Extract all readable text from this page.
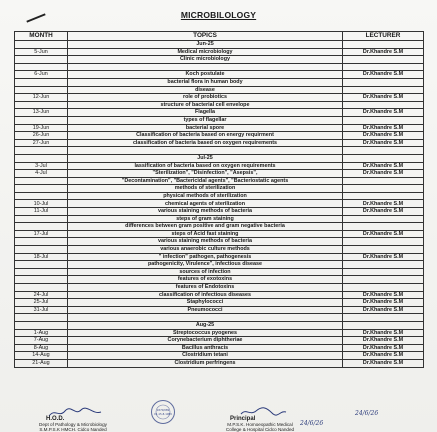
MICROBILOLOGY
MONTH	TOPICS	LECTURER
	Jun-25	
5-Jun	Medical microbiology	Dr.Khandre S.M
	Clinic microbiology	

6-Jun	Koch postulate	Dr.Khandre S.M
	bacterial flora in human body	
	disease	
12-Jun	role of probiotics	Dr.Khandre S.M
	structure of bacterial cell envelope	
13-Jun	Flagella	Dr.Khandre S.M
	types of flagellar	
19-Jun	bacterial spore	Dr.Khandre S.M
26-Jun	Classification of bacteria based on energy requirment	Dr.Khandre S.M
27-Jun	classification of bacteria based on oxygen requirements	Dr.Khandre S.M

	Jul-25	
3-Jul	lassification of bacteria based on oxygen requirements	Dr.Khandre S.M
4-Jul	"Sterilization", "Disinfection", "Asepsis",	Dr.Khandre S.M
	"Decontamination", "Bactericidal agents", "Bacteriostatic agents	
	methods of sterilization	
	physical methods of sterilization	
10-Jul	chemical agents of sterilization	Dr.Khandre S.M
11-Jul	various staining methods of bacteria	Dr.Khandre S.M
	steps of gram staining	
	differences between gram positive and gram negative bacteria	
17-Jul	steps of Acid fast staining	Dr.Khandre S.M
	various staining methods of bacteria	
	various anaerobic culture methods	
18-Jul	" infection" pathogen, pathogenesis	Dr.Khandre S.M
	pathogenicity, Virulence", infectious disease	
	sources of infection	
	features of exotoxins	
	features of Endotoxins	
24-Jul	classification of infectious diseases	Dr.Khandre S.M
25-Jul	Staphylococci	Dr.Khandre S.M
31-Jul	Pneumococci	Dr.Khandre S.M

	Aug-25	
1-Aug	Streptococcus pyogenes	Dr.Khandre S.M
7-Aug	Corynebacterium diphtheriae	Dr.Khandre S.M
8-Aug	Bacillus anthracis	Dr.Khandre S.M
14-Aug	Clostridium tetani	Dr.Khandre S.M
21-Aug	Clostridium perfringens	Dr.Khandre S.M
H.O.D.
Dept of Pathology & Microbiology
S.M.P.S.K HMCH. Cidco Nanded
1870/089
01-15-8-1989
Principal
M.P.S.K. Homoeopathic Medical
College & Hospital Cidco Nanded
24/6/26
24/6/26
